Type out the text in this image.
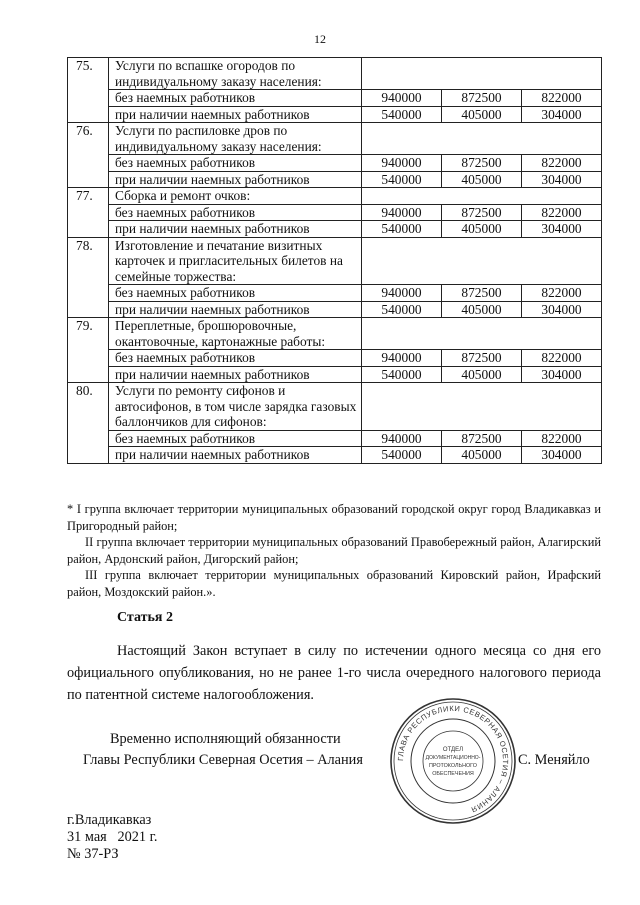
12
75.	Услуги по вспашке огородов по индивидуальному заказу населения:			
	без наемных работников	940000	872500	822000
	при наличии наемных работников	540000	405000	304000
76.	Услуги по распиловке дров по индивидуальному заказу населения:			
	без наемных работников	940000	872500	822000
	при наличии наемных работников	540000	405000	304000
77.	Сборка и ремонт очков:			
	без наемных работников	940000	872500	822000
	при наличии наемных работников	540000	405000	304000
78.	Изготовление и печатание визитных карточек и пригласительных билетов на семейные торжества:			
	без наемных работников	940000	872500	822000
	при наличии наемных работников	540000	405000	304000
79.	Переплетные, брошюровочные, окантовочные, картонажные работы:			
	без наемных работников	940000	872500	822000
	при наличии наемных работников	540000	405000	304000
80.	Услуги по ремонту сифонов и автосифонов, в том числе зарядка газовых баллончиков для сифонов:			
	без наемных работников	940000	872500	822000
	при наличии наемных работников	540000	405000	304000

* I группа включает территории муниципальных образований городской округ город Владикавказ и Пригородный район;

II группа включает территории муниципальных образований Правобережный район, Алагирский район, Ардонский район, Дигорский район;

III группа включает территории муниципальных образований Кировский район, Ирафский район, Моздокский район.».

Статья 2

Настоящий Закон вступает в силу по истечении одного месяца со дня его официального опубликования, но не ранее 1-го числа очередного налогового периода по патентной системе налогообложения.

Временно исполняющий обязанности
Главы Республики Северная Осетия – Алания	С. Меняйло
ГЛАВА РЕСПУБЛИКИ СЕВЕРНАЯ ОСЕТИЯ – АЛАНИЯ
ОТДЕЛ
ДОКУМЕНТАЦИОННО-
ПРОТОКОЛЬНОГО
ОБЕСПЕЧЕНИЯ
г.Владикавказ
31 мая   2021 г.
№ 37-РЗ
